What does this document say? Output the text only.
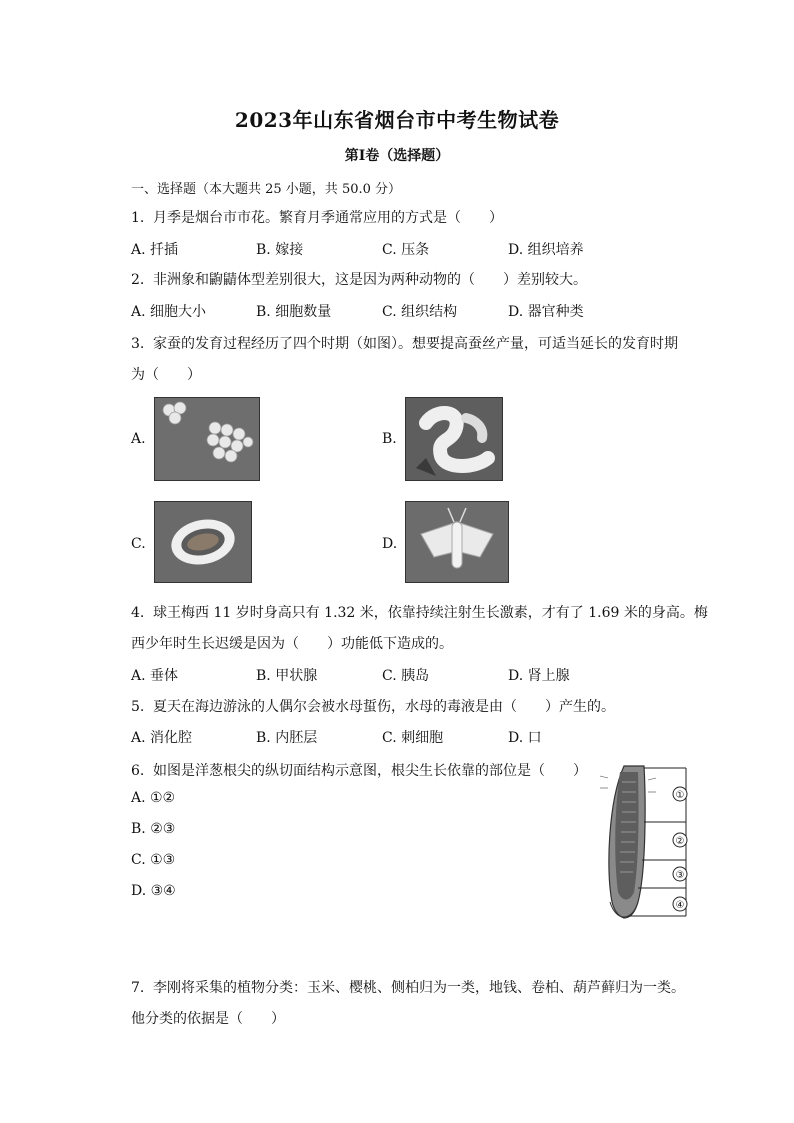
2023年山东省烟台市中考生物试卷
第I卷（选择题）
一、选择题（本大题共 25 小题，共 50.0 分）
1. 月季是烟台市市花。繁育月季通常应用的方式是（　　）
A. 扦插	B. 嫁接	C. 压条	D. 组织培养
2. 非洲象和鼩鼱体型差别很大，这是因为两种动物的（　　）差别较大。
A. 细胞大小	B. 细胞数量	C. 组织结构	D. 器官种类
3. 家蚕的发育过程经历了四个时期（如图）。想要提高蚕丝产量，可适当延长的发育时期
为（　　）
A.	B.
C.	D.
4. 球王梅西 11 岁时身高只有 1.32 米，依靠持续注射生长激素，才有了 1.69 米的身高。梅
西少年时生长迟缓是因为（　　）功能低下造成的。
A. 垂体	B. 甲状腺	C. 胰岛	D. 肾上腺
5. 夏天在海边游泳的人偶尔会被水母蜇伤，水母的毒液是由（　　）产生的。
A. 消化腔	B. 内胚层	C. 刺细胞	D. 口
6. 如图是洋葱根尖的纵切面结构示意图，根尖生长依靠的部位是（　　）
A. ①②
B. ②③
C. ①③
D. ③④
①
②
③
④
7. 李刚将采集的植物分类：玉米、樱桃、侧柏归为一类，地钱、卷柏、葫芦藓归为一类。
他分类的依据是（　　）
